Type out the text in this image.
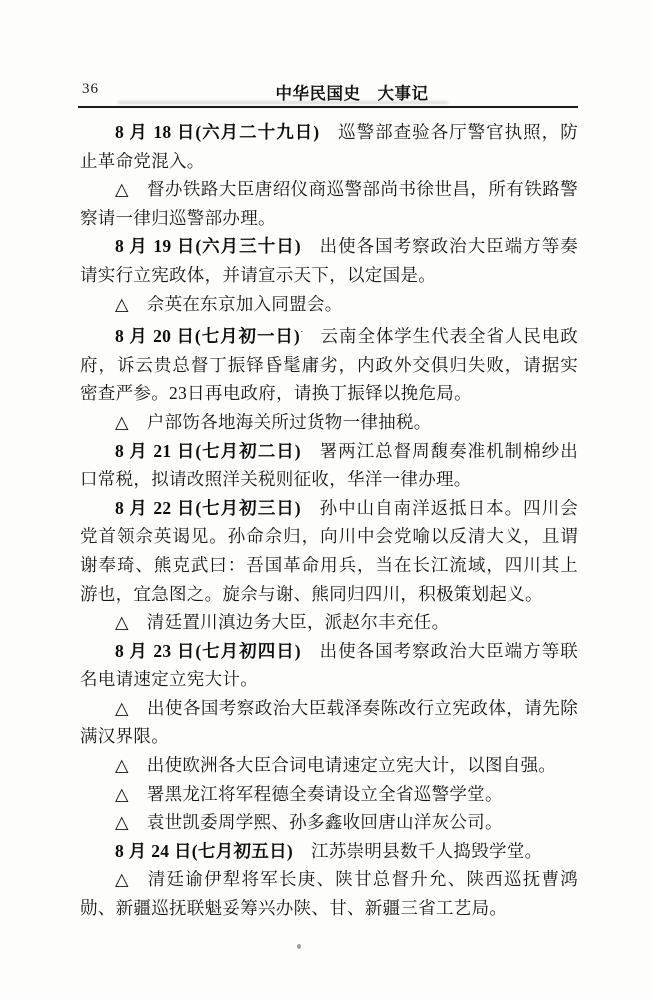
36	中华民国史　大事记

8 月 18 日(六月二十九日) 巡警部查验各厅警官执照，防止革命党混入。

△ 督办铁路大臣唐绍仪商巡警部尚书徐世昌，所有铁路警察请一律归巡警部办理。

8 月 19 日(六月三十日) 出使各国考察政治大臣端方等奏请实行立宪政体，并请宣示天下，以定国是。

△ 佘英在东京加入同盟会。

8 月 20 日(七月初一日)· 云南全体学生代表全省人民电政府，诉云贵总督丁振铎昏髦庸劣，内政外交俱归失败，请据实密查严参。23日再电政府，请换丁振铎以挽危局。

△ 户部饬各地海关所过货物一律抽税。

8 月 21 日(七月初二日) 署两江总督周馥奏准机制棉纱出口常税，拟请改照洋关税则征收，华洋一律办理。

8 月 22 日(七月初三日) 孙中山自南洋返抵日本。四川会党首领佘英谒见。孙命佘归，向川中会党喻以反清大义，且谓谢奉琦、熊克武曰：吾国革命用兵，当在长江流域，四川其上游也，宜急图之。旋佘与谢、熊同归四川，积极策划起义。

△ 清廷置川滇边务大臣，派赵尔丰充任。

8 月 23 日(七月初四日) 出使各国考察政治大臣端方等联名电请速定立宪大计。

△ 出使各国考察政治大臣载泽奏陈改行立宪政体，请先除满汉界限。

△ 出使欧洲各大臣合词电请速定立宪大计，以图自强。

△ 署黑龙江将军程德全奏请设立全省巡警学堂。

△ 袁世凯委周学熙、孙多鑫收回唐山洋灰公司。

8 月 24 日(七月初五日) 江苏崇明县数千人捣毁学堂。

△ 清廷谕伊犁将军长庚、陕甘总督升允、陕西巡抚曹鸿勋、新疆巡抚联魁妥筹兴办陕、甘、新疆三省工艺局。
